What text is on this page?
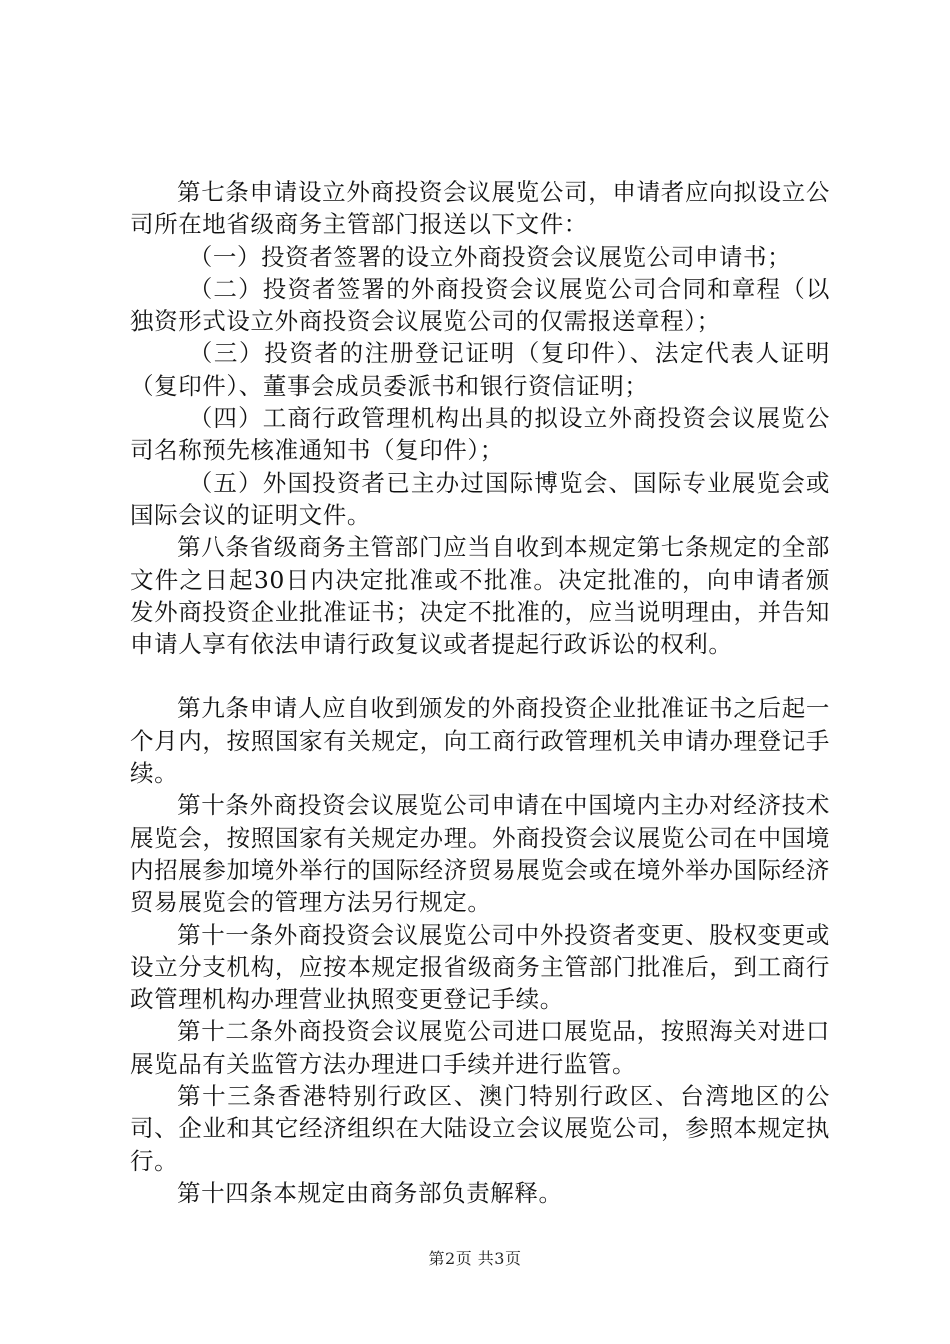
第七条申请设立外商投资会议展览公司，申请者应向拟设立公司所在地省级商务主管部门报送以下文件：

（一）投资者签署的设立外商投资会议展览公司申请书；

（二）投资者签署的外商投资会议展览公司合同和章程（以独资形式设立外商投资会议展览公司的仅需报送章程）；

（三）投资者的注册登记证明（复印件）、法定代表人证明（复印件）、董事会成员委派书和银行资信证明；

（四）工商行政管理机构出具的拟设立外商投资会议展览公司名称预先核准通知书（复印件）；

（五）外国投资者已主办过国际博览会、国际专业展览会或国际会议的证明文件。

第八条省级商务主管部门应当自收到本规定第七条规定的全部文件之日起30日内决定批准或不批准。决定批准的，向申请者颁发外商投资企业批准证书；决定不批准的，应当说明理由，并告知申请人享有依法申请行政复议或者提起行政诉讼的权利。

第九条申请人应自收到颁发的外商投资企业批准证书之后起一个月内，按照国家有关规定，向工商行政管理机关申请办理登记手续。

第十条外商投资会议展览公司申请在中国境内主办对经济技术展览会，按照国家有关规定办理。外商投资会议展览公司在中国境内招展参加境外举行的国际经济贸易展览会或在境外举办国际经济贸易展览会的管理方法另行规定。

第十一条外商投资会议展览公司中外投资者变更、股权变更或设立分支机构，应按本规定报省级商务主管部门批准后，到工商行政管理机构办理营业执照变更登记手续。

第十二条外商投资会议展览公司进口展览品，按照海关对进口展览品有关监管方法办理进口手续并进行监管。

第十三条香港特别行政区、澳门特别行政区、台湾地区的公司、企业和其它经济组织在大陆设立会议展览公司，参照本规定执行。

第十四条本规定由商务部负责解释。

第2页 共3页
